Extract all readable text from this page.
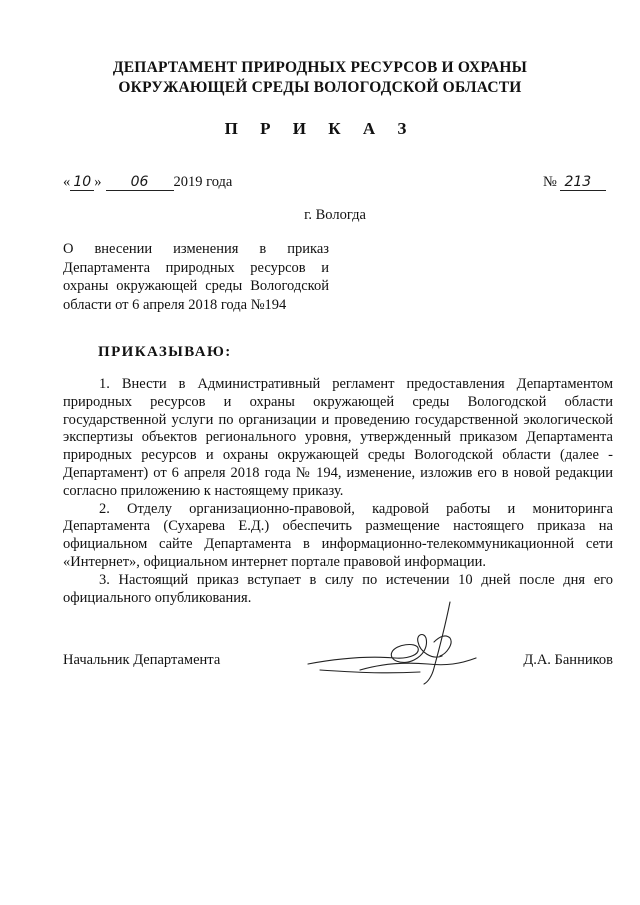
ДЕПАРТАМЕНТ ПРИРОДНЫХ РЕСУРСОВ И ОХРАНЫ
ОКРУЖАЮЩЕЙ СРЕДЫ ВОЛОГОДСКОЙ ОБЛАСТИ
П Р И К А З
« 10 » 06 2019 года	№ 213
г. Вологда
О внесении изменения в приказ Департамента природных ресурсов и охраны окружающей среды Вологодской области от 6 апреля 2018 года №194
ПРИКАЗЫВАЮ:

1. Внести в Административный регламент предоставления Департаментом природных ресурсов и охраны окружающей среды Вологодской области государственной услуги по организации и проведению государственной экологической экспертизы объектов регионального уровня, утвержденный приказом Департамента природных ресурсов и охраны окружающей среды Вологодской области (далее - Департамент) от 6 апреля 2018 года № 194, изменение, изложив его в новой редакции согласно приложению к настоящему приказу.

2. Отделу организационно-правовой, кадровой работы и мониторинга Департамента (Сухарева Е.Д.) обеспечить размещение настоящего приказа на официальном сайте Департамента в информационно-телекоммуникационной сети «Интернет», официальном интернет портале правовой информации.

3. Настоящий приказ вступает в силу по истечении 10 дней после дня его официального опубликования.

Начальник Департамента	Д.А. Банников
